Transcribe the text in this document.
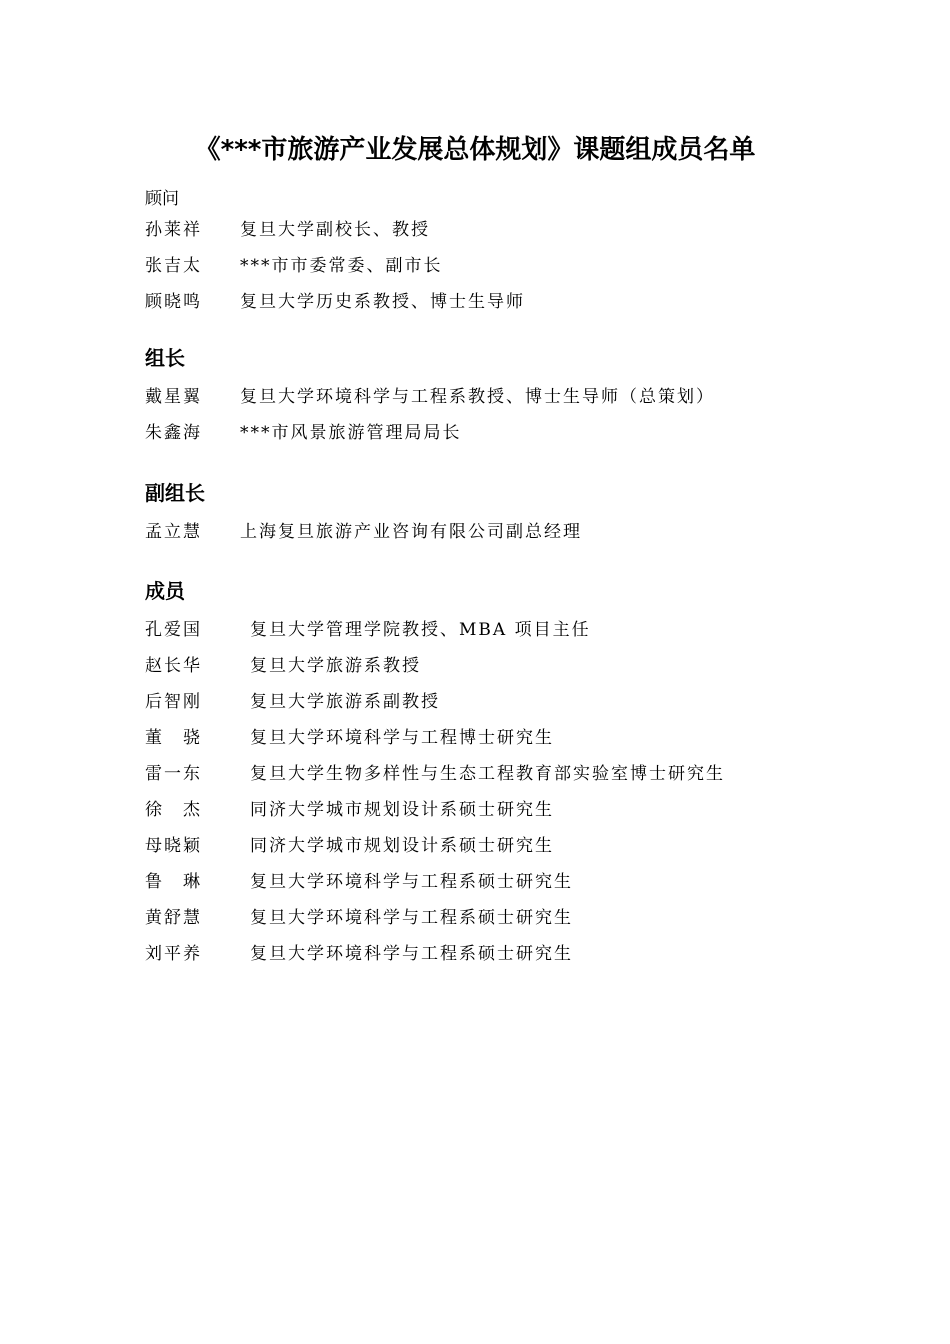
《***市旅游产业发展总体规划》课题组成员名单
顾问
孙莱祥	复旦大学副校长、教授
张吉太	***市市委常委、副市长
顾晓鸣	复旦大学历史系教授、博士生导师
组长
戴星翼	复旦大学环境科学与工程系教授、博士生导师（总策划）
朱鑫海	***市风景旅游管理局局长
副组长
孟立慧	上海复旦旅游产业咨询有限公司副总经理
成员
孔爱国	复旦大学管理学院教授、MBA 项目主任
赵长华	复旦大学旅游系教授
后智刚	复旦大学旅游系副教授
董　骁	复旦大学环境科学与工程博士研究生
雷一东	复旦大学生物多样性与生态工程教育部实验室博士研究生
徐　杰	同济大学城市规划设计系硕士研究生
母晓颖	同济大学城市规划设计系硕士研究生
鲁　琳	复旦大学环境科学与工程系硕士研究生
黄舒慧	复旦大学环境科学与工程系硕士研究生
刘平养	复旦大学环境科学与工程系硕士研究生
